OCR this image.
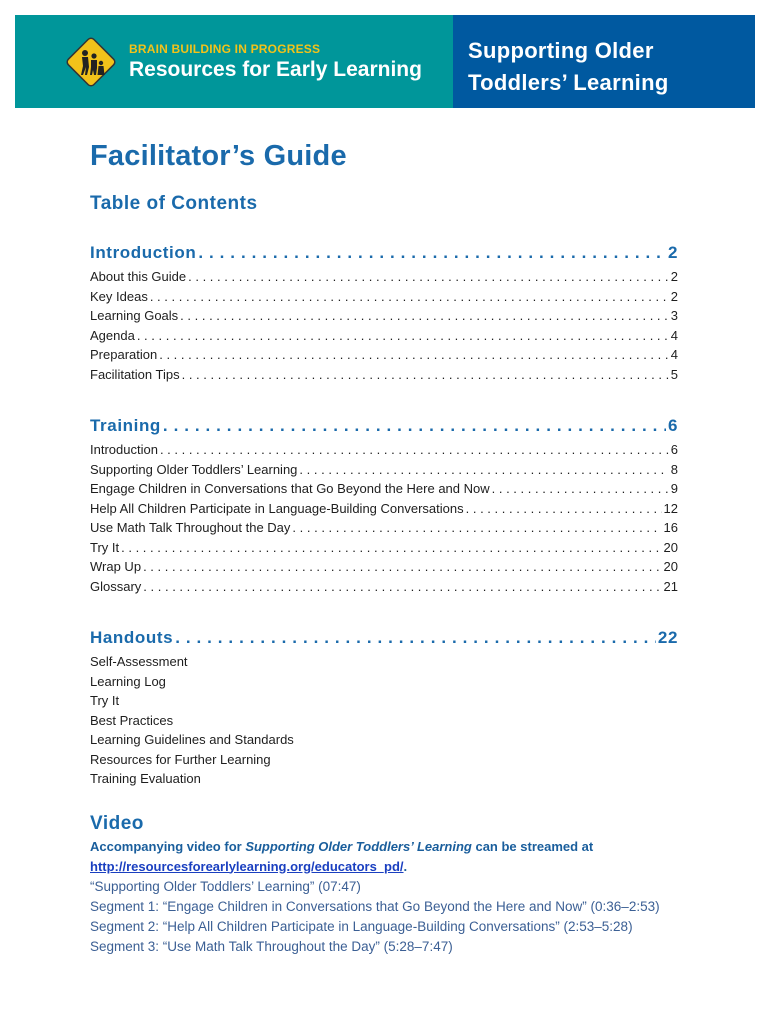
BRAIN BUILDING IN PROGRESS
Resources for Early Learning
Supporting Older
Toddlers’ Learning
Facilitator’s Guide
Table of Contents
Introduction . . .	2
About this Guide . . .	2
Key Ideas . . .	2
Learning Goals . . .	3
Agenda . . .	4
Preparation . . .	4
Facilitation Tips . . .	5
Training . . .	6
Introduction . . .	6
Supporting Older Toddlers’ Learning . . .	8
Engage Children in Conversations that Go Beyond the Here and Now . . .	9
Help All Children Participate in Language-Building Conversations . . .	12
Use Math Talk Throughout the Day . . .	16
Try It . . .	20
Wrap Up . . .	20
Glossary . . .	21
Handouts . . .	22
Self-Assessment
Learning Log
Try It
Best Practices
Learning Guidelines and Standards
Resources for Further Learning
Training Evaluation
Video
Accompanying video for Supporting Older Toddlers’ Learning can be streamed at
http://resourcesforearlylearning.org/educators_pd/.
“Supporting Older Toddlers’ Learning” (07:47)
Segment 1: “Engage Children in Conversations that Go Beyond the Here and Now” (0:36–2:53)
Segment 2: “Help All Children Participate in Language-Building Conversations” (2:53–5:28)
Segment 3: “Use Math Talk Throughout the Day” (5:28–7:47)
